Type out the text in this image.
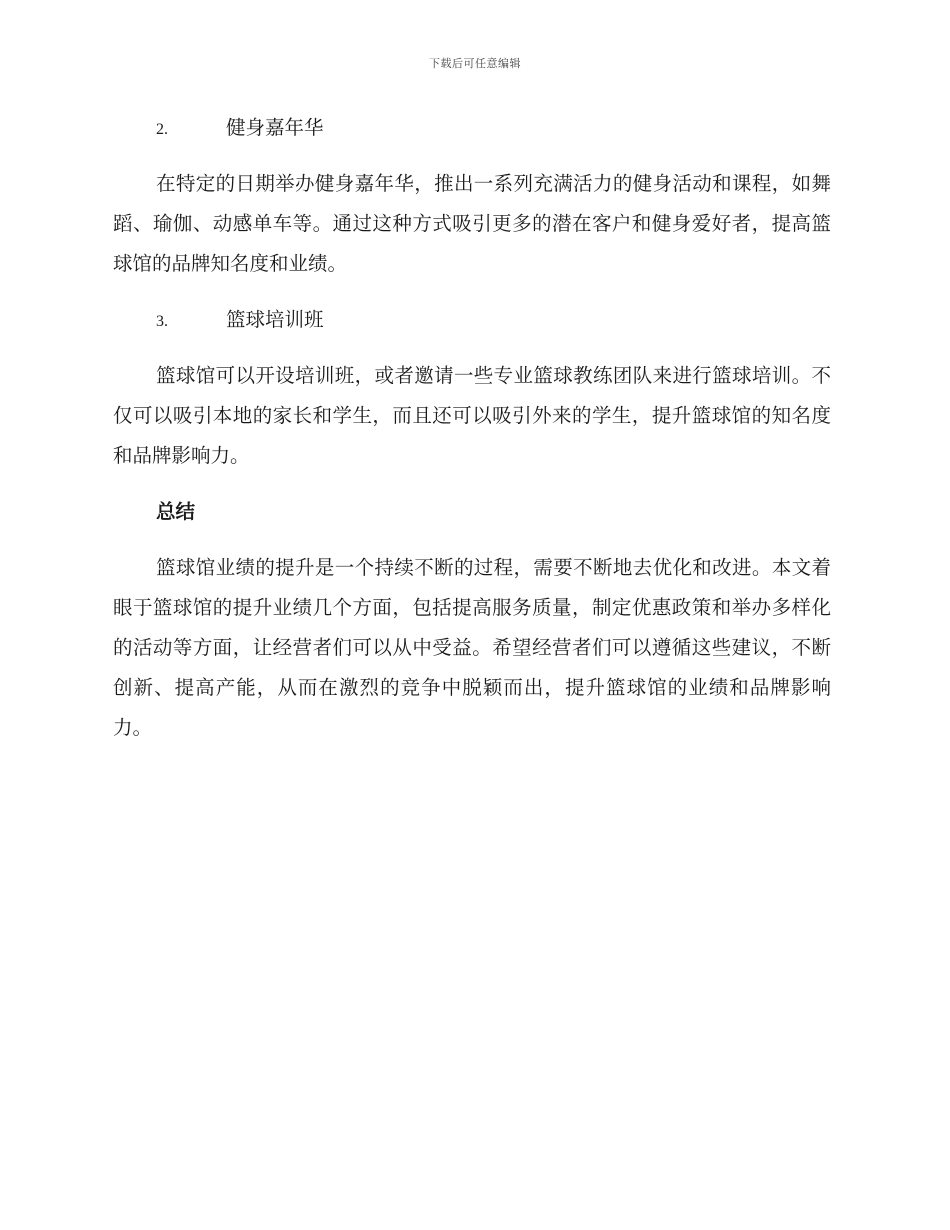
下载后可任意编辑
2.	健身嘉年华

在特定的日期举办健身嘉年华，推出一系列充满活力的健身活动和课程，如舞蹈、瑜伽、动感单车等。通过这种方式吸引更多的潜在客户和健身爱好者，提高篮球馆的品牌知名度和业绩。

3.	篮球培训班

篮球馆可以开设培训班，或者邀请一些专业篮球教练团队来进行篮球培训。不仅可以吸引本地的家长和学生，而且还可以吸引外来的学生，提升篮球馆的知名度和品牌影响力。

总结

篮球馆业绩的提升是一个持续不断的过程，需要不断地去优化和改进。本文着眼于篮球馆的提升业绩几个方面，包括提高服务质量，制定优惠政策和举办多样化的活动等方面，让经营者们可以从中受益。希望经营者们可以遵循这些建议，不断创新、提高产能，从而在激烈的竞争中脱颖而出，提升篮球馆的业绩和品牌影响力。
